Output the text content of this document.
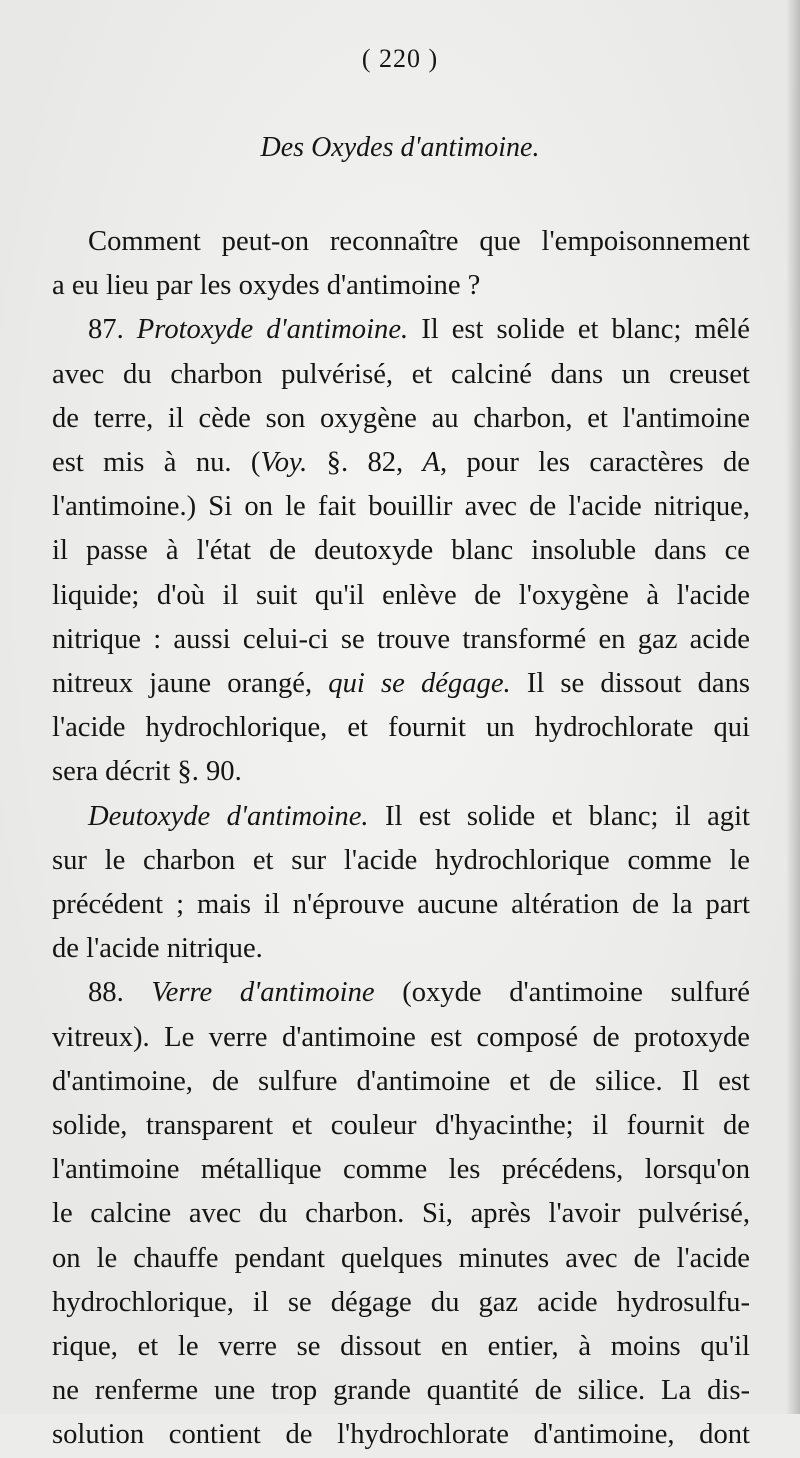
( 220 )
Des Oxydes d'antimoine.

Comment peut-on reconnaître que l'empoisonnement

a eu lieu par les oxydes d'antimoine ?

87. Protoxyde d'antimoine. Il est solide et blanc; mêlé

avec du charbon pulvérisé, et calciné dans un creuset

de terre, il cède son oxygène au charbon, et l'antimoine

est mis à nu. (Voy. §. 82, A, pour les caractères de

l'antimoine.) Si on le fait bouillir avec de l'acide nitrique,

il passe à l'état de deutoxyde blanc insoluble dans ce

liquide; d'où il suit qu'il enlève de l'oxygène à l'acide

nitrique : aussi celui-ci se trouve transformé en gaz acide

nitreux jaune orangé, qui se dégage. Il se dissout dans

l'acide hydrochlorique, et fournit un hydrochlorate qui

sera décrit §. 90.

Deutoxyde d'antimoine. Il est solide et blanc; il agit

sur le charbon et sur l'acide hydrochlorique comme le

précédent ; mais il n'éprouve aucune altération de la part

de l'acide nitrique.

88. Verre d'antimoine (oxyde d'antimoine sulfuré

vitreux). Le verre d'antimoine est composé de protoxyde

d'antimoine, de sulfure d'antimoine et de silice. Il est

solide, transparent et couleur d'hyacinthe; il fournit de

l'antimoine métallique comme les précédens, lorsqu'on

le calcine avec du charbon. Si, après l'avoir pulvérisé,

on le chauffe pendant quelques minutes avec de l'acide

hydrochlorique, il se dégage du gaz acide hydrosulfu-

rique, et le verre se dissout en entier, à moins qu'il

ne renferme une trop grande quantité de silice. La dis-

solution contient de l'hydrochlorate d'antimoine, dont
